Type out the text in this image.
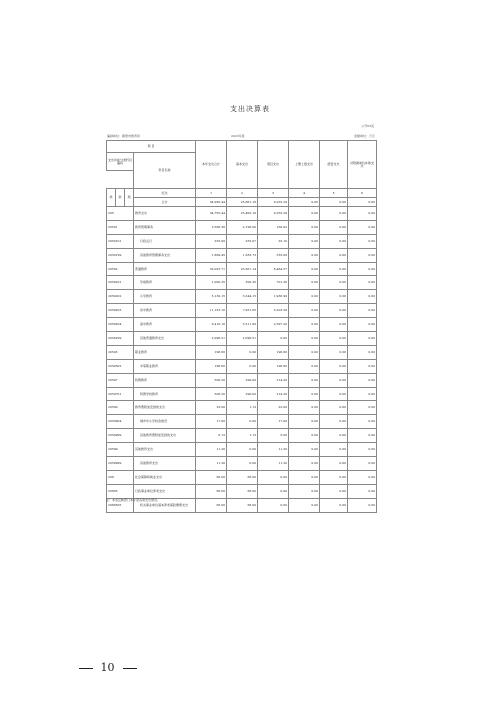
支出决算表
公开03表
编制单位：鹤壁市教育局	2023年度	金额单位：万元
项 目				本年支出合计	基本支出	项目支出	上缴上级支出	经营支出	对附属单位补助支出
支出功能分类科目编码			科目名称						

类	款	项	栏次	1	2	3	4	5	6
			合计	34,936.44	25,681.16	9,255.29	0.00	0.00	0.00
205			教育支出	34,750.44	25,495.16	9,255.29	0.00	0.00	0.00
20501			教育管理事务	2,366.38	2,196.00	169.92	0.00	0.00	0.00
2050101			行政运行	255.09	255.07	25.10	0.00	0.00	0.00
2050199			其他教育管理事务支出	1,869.45	1,583.73	335.69	0.00	0.00	0.00
20502			普通教育	32,025.71	23,561.14	8,464.57	0.00	0.00	0.00
2050201			学前教育	1,000.35	300.35	701.30	0.00	0.00	0.00
2050202			小学教育	5,130.15	3,244.15	1,936.99	0.00	0.00	0.00
2050203			初中教育	11,155.10	7,951.65	3,203.39	0.00	0.00	0.00
2050204			高中教育	6,410.10	3,511.90	2,597.20	0.00	0.00	0.00
2050299			其他普通教育支出	2,096.51	2,096.51	0.00	0.00	0.00	0.00
20503			职业教育	196.60	0.00	196.60	0.00	0.00	0.00
2050302			中等职业教育	196.60	0.00	196.60	0.00	0.00	0.00
20507			特殊教育	506.20	290.00	214.20	0.00	0.00	0.00
2050701			特殊学校教育	506.20	290.00	214.20	0.00	0.00	0.00
20509			教育费附加安排的支出	23.00	1.13	22.00	0.00	0.00	0.00
2050904			城市中小学校舍建设	17.00	0.00	17.00	0.00	0.00	0.00
2050999			其他教育费附加安排的支出	6.13	1.13	5.00	0.00	0.00	0.00
20599			其他教育支出	11.20	0.00	11.20	0.00	0.00	0.00
2059999			其他教育支出	11.20	0.00	11.20	0.00	0.00	0.00
208			社会保障和就业支出	66.00	66.00	0.00	0.00	0.00	0.00
20805			行政事业单位养老支出	66.00	66.00	0.00	0.00	0.00	0.00
2080505			机关事业单位基本养老保险缴费支出	66.00	66.00	0.00	0.00	0.00	0.00
注：本表反映部门本年度各项支出情况。
10
